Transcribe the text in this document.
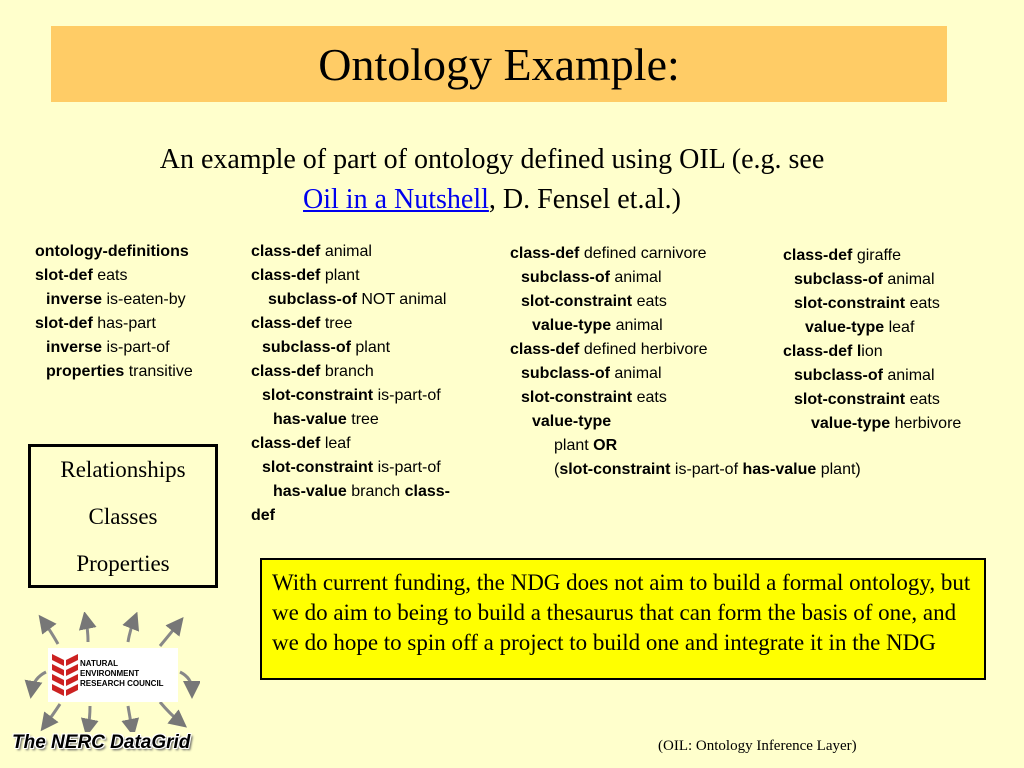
Ontology Example:
An example of part of ontology defined using OIL (e.g. see
Oil in a Nutshell, D. Fensel et.al.)
ontology-definitions
slot-def eats
inverse is-eaten-by
slot-def has-part
inverse is-part-of
properties transitive
class-def animal
class-def plant
subclass-of NOT animal
class-def tree
subclass-of plant
class-def branch
slot-constraint is-part-of
has-value tree
class-def leaf
slot-constraint is-part-of
has-value branch class-
def
class-def defined carnivore
subclass-of animal
slot-constraint eats
value-type animal
class-def defined herbivore
subclass-of animal
slot-constraint eats
value-type
plant OR
(slot-constraint is-part-of has-value plant)
class-def giraffe
subclass-of animal
slot-constraint eats
value-type leaf
class-def lion
subclass-of animal
slot-constraint eats
value-type herbivore
Relationships
Classes
Properties
With current funding, the NDG does not aim to build a formal ontology, but we do aim to being to build a thesaurus that can form the basis of one, and we do hope to spin off a project to build one and integrate it in the NDG
NATURAL
ENVIRONMENT
RESEARCH COUNCIL
The NERC DataGrid	(OIL: Ontology Inference Layer)
